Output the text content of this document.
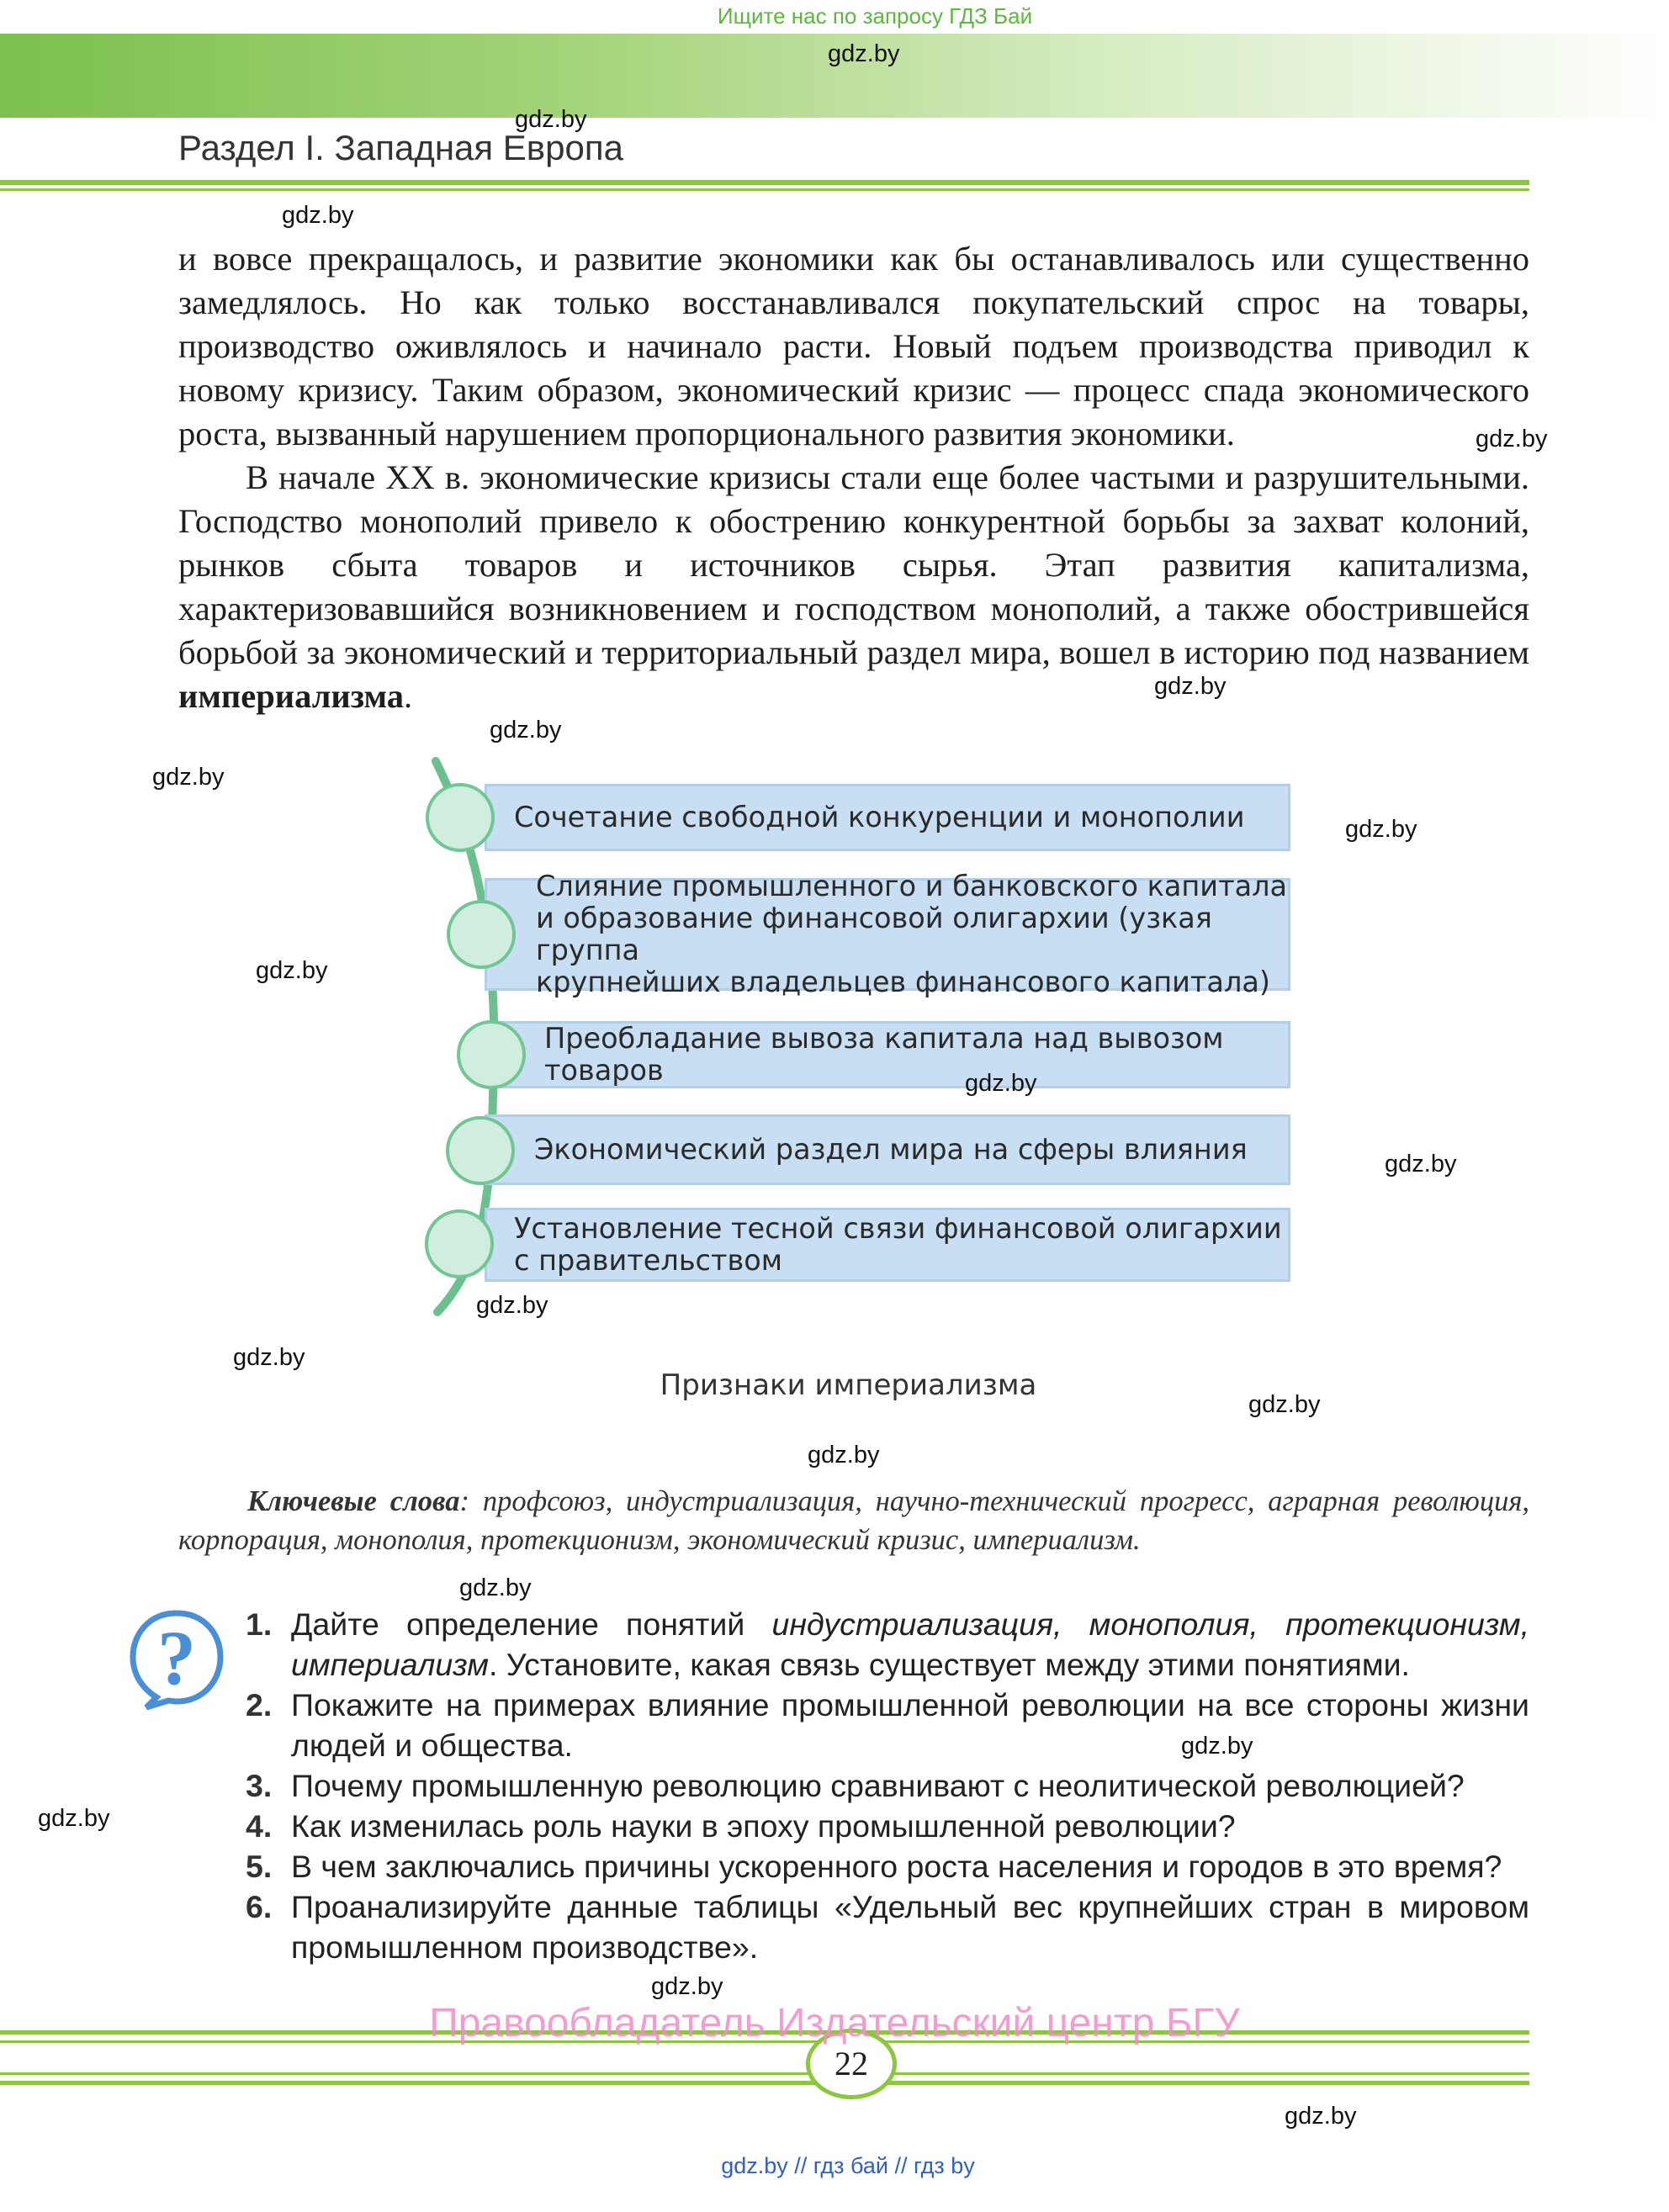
Ищите нас по запросу ГДЗ Бай
Раздел I. Западная Европа

и вовсе прекращалось, и развитие экономики как бы останавливалось или существенно замедлялось. Но как только восстанавливался покупательский спрос на товары, производство оживлялось и начинало расти. Новый подъем производства приводил к новому кризису. Таким образом, экономический кризис — процесс спада экономического роста, вызванный нарушением пропорционального развития экономики.

В начале XX в. экономические кризисы стали еще более частыми и разрушительными. Господство монополий привело к обострению конкурентной борьбы за захват колоний, рынков сбыта товаров и источников сырья. Этап развития капитализма, характеризовавшийся возникновением и господством монополий, а также обострившейся борьбой за экономический и территориальный раздел мира, вошел в историю под названием империализма.

Сочетание свободной конкуренции и монополии
Слияние промышленного и банковского капитала
и образование финансовой олигархии (узкая группа
крупнейших владельцев финансового капитала)
Преобладание вывоза капитала над вывозом товаров
Экономический раздел мира на сферы влияния
Установление тесной связи финансовой олигархии
с правительством
Признаки империализма
Ключевые слова: профсоюз, индустриализация, научно-технический прогресс, аграрная революция, корпорация, монополия, протекционизм, экономический кризис, империализм.
? 1. Дайте определение понятий индустриализация, монополия, протекционизм, империализм. Установите, какая связь существует между этими понятиями.
2. Покажите на примерах влияние промышленной революции на все стороны жизни людей и общества.
3. Почему промышленную революцию сравнивают с неолитической революцией?
4. Как изменилась роль науки в эпоху промышленной революции?
5. В чем заключались причины ускоренного роста населения и городов в это время?
6. Проанализируйте данные таблицы «Удельный вес крупнейших стран в мировом промышленном производстве».
22
Правообладатель Издательский центр БГУ
gdz.by // гдз бай // гдз by
gdz.by
gdz.by
gdz.by
gdz.by
gdz.by
gdz.by
gdz.by
gdz.by
gdz.by
gdz.by
gdz.by
gdz.by
gdz.by
gdz.by
gdz.by
gdz.by
gdz.by
gdz.by
gdz.by
gdz.by
